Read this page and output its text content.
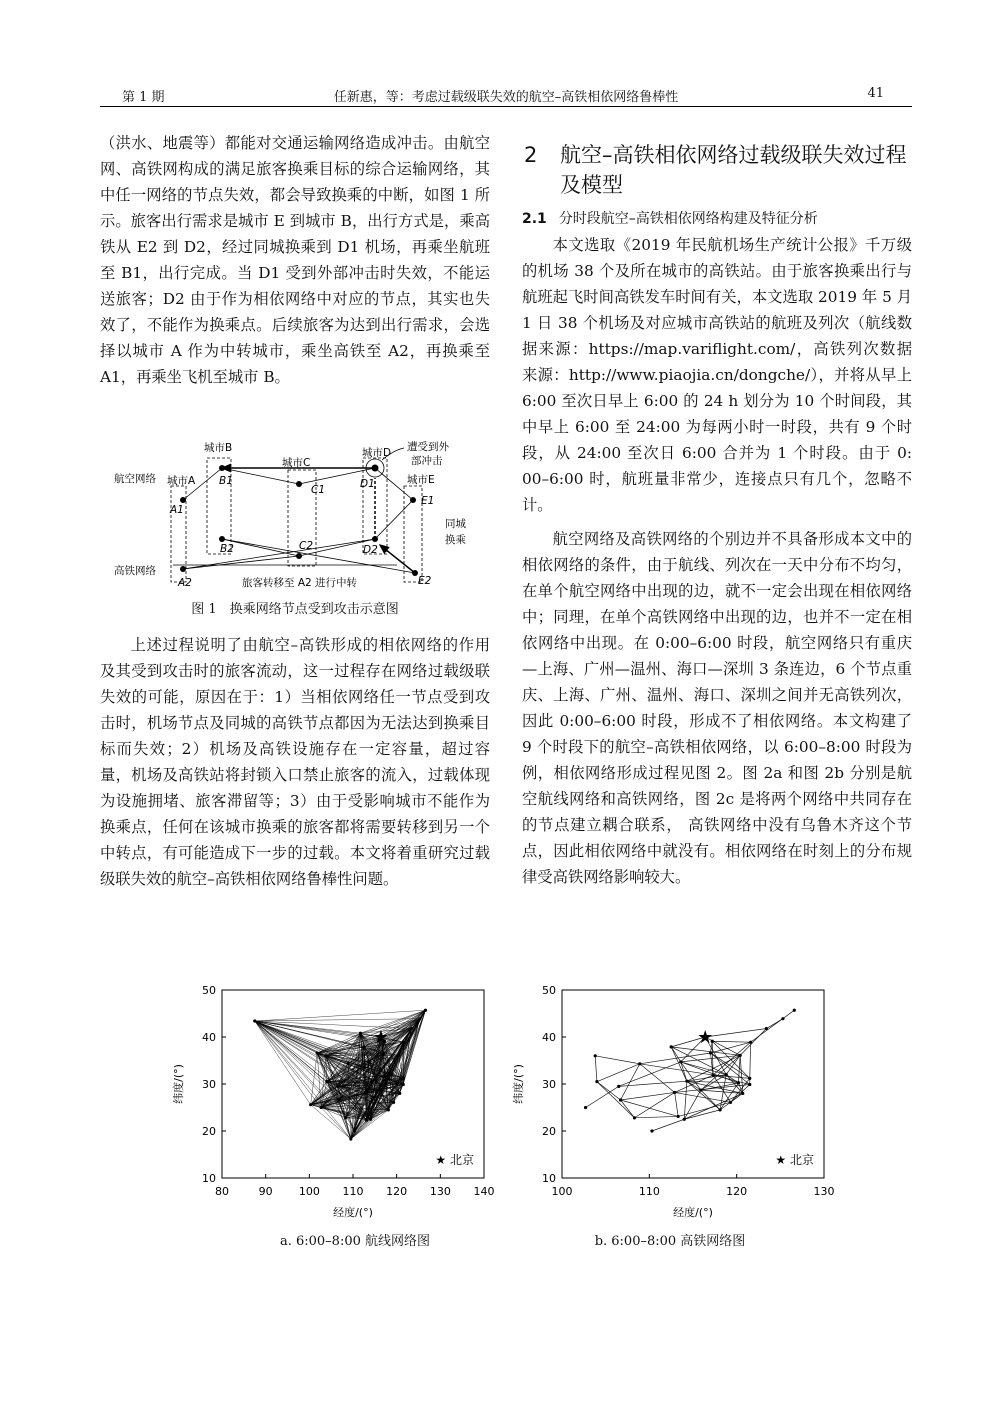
任新惠，等：考虑过载级联失效的航空–高铁相依网络鲁棒性
第 1 期	41

（洪水、地震等）都能对交通运输网络造成冲击。由航空网、高铁网构成的满足旅客换乘目标的综合运输网络，其中任一网络的节点失效，都会导致换乘的中断，如图 1 所示。旅客出行需求是城市 E 到城市 B，出行方式是，乘高铁从 E2 到 D2，经过同城换乘到 D1 机场，再乘坐航班至 B1，出行完成。当 D1 受到外部冲击时失效，不能运送旅客；D2 由于作为相依网络中对应的节点，其实也失效了，不能作为换乘点。后续旅客为达到出行需求，会选择以城市 A 作为中转城市，乘坐高铁至 A2，再换乘至 A1，再乘坐飞机至城市 B。

城市B
城市C
城市D
城市A	城市E
遭受到外
部冲击
同城
换乘
航空网络
高铁网络
旅客转移至 A2 进行中转
A1
A2
B1
B2
C1
C2
D1
D2
E1
E2
图 1　换乘网络节点受到攻击示意图

上述过程说明了由航空–高铁形成的相依网络的作用及其受到攻击时的旅客流动，这一过程存在网络过载级联失效的可能，原因在于：1）当相依网络任一节点受到攻击时，机场节点及同城的高铁节点都因为无法达到换乘目标而失效；2）机场及高铁设施存在一定容量，超过容量，机场及高铁站将封锁入口禁止旅客的流入，过载体现为设施拥堵、旅客滞留等；3）由于受影响城市不能作为换乘点，任何在该城市换乘的旅客都将需要转移到另一个中转点，有可能造成下一步的过载。本文将着重研究过载级联失效的航空–高铁相依网络鲁棒性问题。

2 航空–高铁相依网络过载级联失效过程及模型
2.1 分时段航空–高铁相依网络构建及特征分析

本文选取《2019 年民航机场生产统计公报》千万级的机场 38 个及所在城市的高铁站。由于旅客换乘出行与航班起飞时间高铁发车时间有关，本文选取 2019 年 5 月 1 日 38 个机场及对应城市高铁站的航班及列次（航线数据来源：https://map.variflight.com/，高铁列次数据来源：http://www.piaojia.cn/dongche/），并将从早上 6:00 至次日早上 6:00 的 24 h 划分为 10 个时间段，其中早上 6:00 至 24:00 为每两小时一时段，共有 9 个时段，从 24:00 至次日 6:00 合并为 1 个时段。由于 0: 00–6:00 时，航班量非常少，连接点只有几个，忽略不计。

航空网络及高铁网络的个别边并不具备形成本文中的相依网络的条件，由于航线、列次在一天中分布不均匀，在单个航空网络中出现的边，就不一定会出现在相依网络中；同理，在单个高铁网络中出现的边，也并不一定在相依网络中出现。在 0:00–6:00 时段，航空网络只有重庆—上海、广州—温州、海口—深圳 3 条连边，6 个节点重庆、上海、广州、温州、海口、深圳之间并无高铁列次，因此 0:00–6:00 时段，形成不了相依网络。本文构建了 9 个时段下的航空–高铁相依网络，以 6:00–8:00 时段为例，相依网络形成过程见图 2。图 2a 和图 2b 分别是航空航线网络和高铁网络，图 2c 是将两个网络中共同存在的节点建立耦合联系， 高铁网络中没有乌鲁木齐这个节点，因此相依网络中就没有。相依网络在时刻上的分布规律受高铁网络影响较大。

80	90 100 110 120 130 140
10
20
30
40
50
经度/(°)
纬度/(°)
★
★ 北京
a. 6:00–8:00 航线网络图
100	110	120	130
10
20
30
40
50
经度/(°)
纬度/(°)
★
★ 北京
b. 6:00–8:00 高铁网络图
